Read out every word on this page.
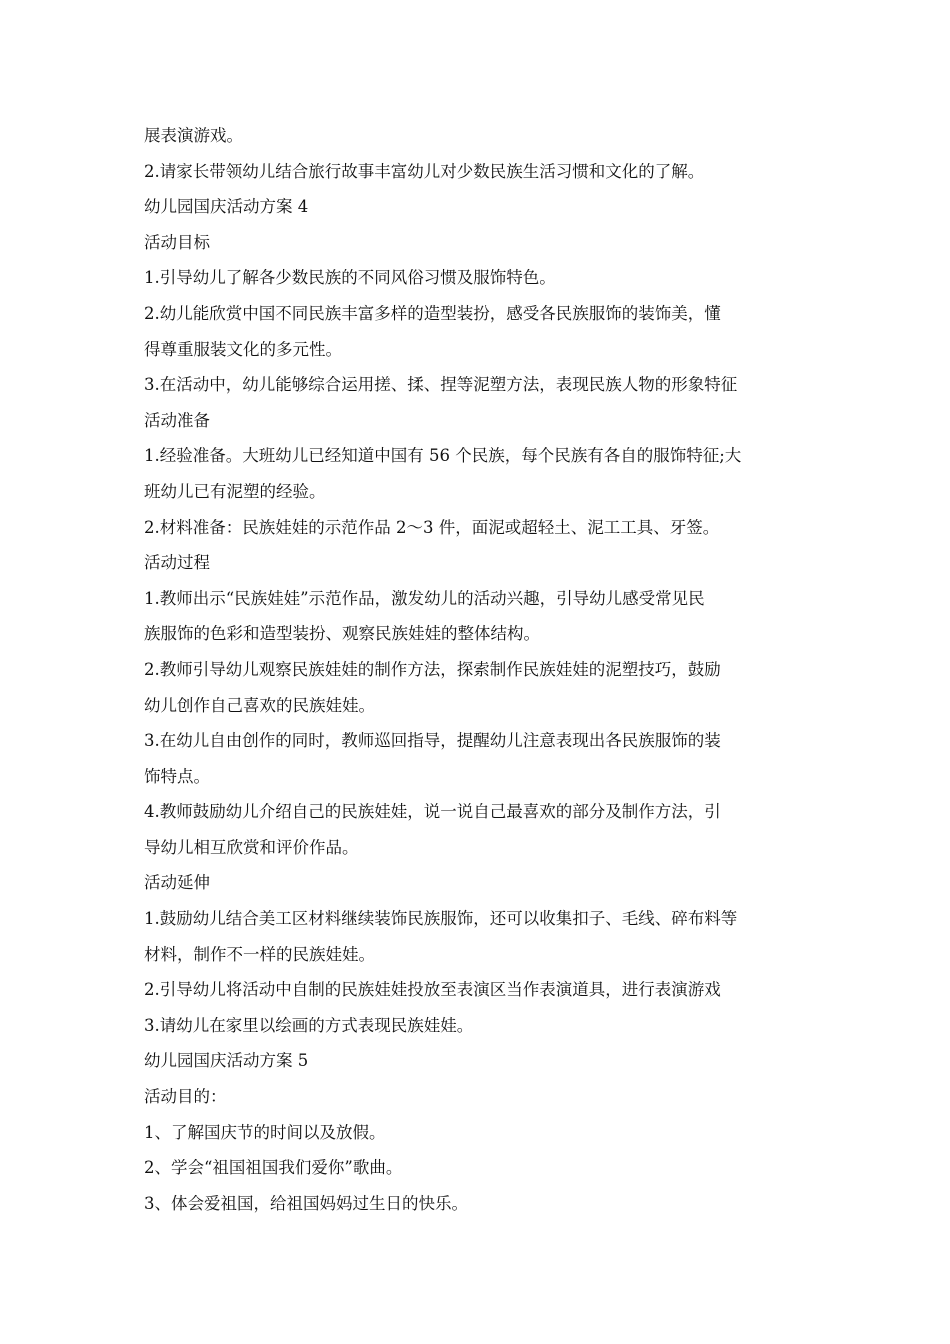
展表演游戏。

2.请家长带领幼儿结合旅行故事丰富幼儿对少数民族生活习惯和文化的了解。

幼儿园国庆活动方案 4

活动目标

1.引导幼儿了解各少数民族的不同风俗习惯及服饰特色。

2.幼儿能欣赏中国不同民族丰富多样的造型装扮，感受各民族服饰的装饰美，懂

得尊重服装文化的多元性。

3.在活动中，幼儿能够综合运用搓、揉、捏等泥塑方法，表现民族人物的形象特征

活动准备

1.经验准备。大班幼儿已经知道中国有 56 个民族，每个民族有各自的服饰特征;大

班幼儿已有泥塑的经验。

2.材料准备：民族娃娃的示范作品 2～3 件，面泥或超轻土、泥工工具、牙签。

活动过程

1.教师出示“民族娃娃”示范作品，激发幼儿的活动兴趣，引导幼儿感受常见民

族服饰的色彩和造型装扮、观察民族娃娃的整体结构。

2.教师引导幼儿观察民族娃娃的制作方法，探索制作民族娃娃的泥塑技巧，鼓励

幼儿创作自己喜欢的民族娃娃。

3.在幼儿自由创作的同时，教师巡回指导，提醒幼儿注意表现出各民族服饰的装

饰特点。

4.教师鼓励幼儿介绍自己的民族娃娃，说一说自己最喜欢的部分及制作方法，引

导幼儿相互欣赏和评价作品。

活动延伸

1.鼓励幼儿结合美工区材料继续装饰民族服饰，还可以收集扣子、毛线、碎布料等

材料，制作不一样的民族娃娃。

2.引导幼儿将活动中自制的民族娃娃投放至表演区当作表演道具，进行表演游戏

3.请幼儿在家里以绘画的方式表现民族娃娃。

幼儿园国庆活动方案 5

活动目的：

1、了解国庆节的时间以及放假。

2、学会“祖国祖国我们爱你”歌曲。

3、体会爱祖国，给祖国妈妈过生日的快乐。
